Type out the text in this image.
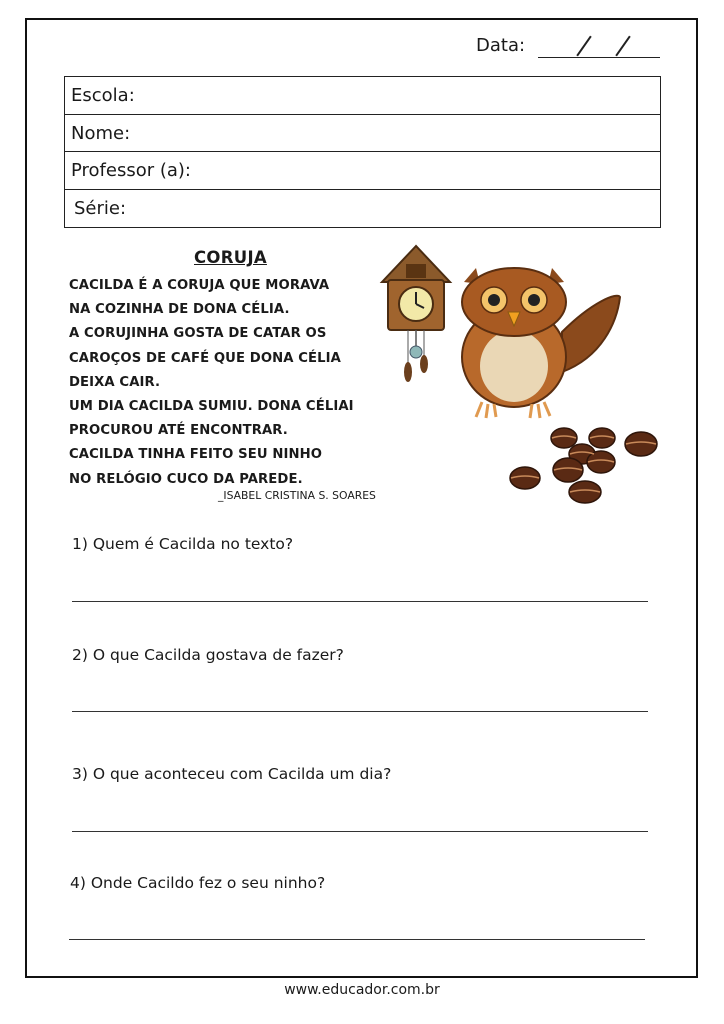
Data:
Escola:
Nome:
Professor (a):
Série:
CORUJA
CACILDA É A CORUJA QUE MORAVA
NA COZINHA DE DONA CÉLIA.
A CORUJINHA GOSTA DE CATAR OS
CAROÇOS DE CAFÉ QUE DONA CÉLIA
DEIXA CAIR.
UM DIA CACILDA SUMIU. DONA CÉLIAI
PROCUROU ATÉ ENCONTRAR.
CACILDA TINHA FEITO SEU NINHO
NO RELÓGIO CUCO DA PAREDE.
_ISABEL CRISTINA S. SOARES
1) Quem é Cacilda no texto?
2) O que Cacilda gostava de fazer?
3) O que aconteceu com Cacilda um dia?
4) Onde Cacildo fez o seu ninho?
www.educador.com.br
